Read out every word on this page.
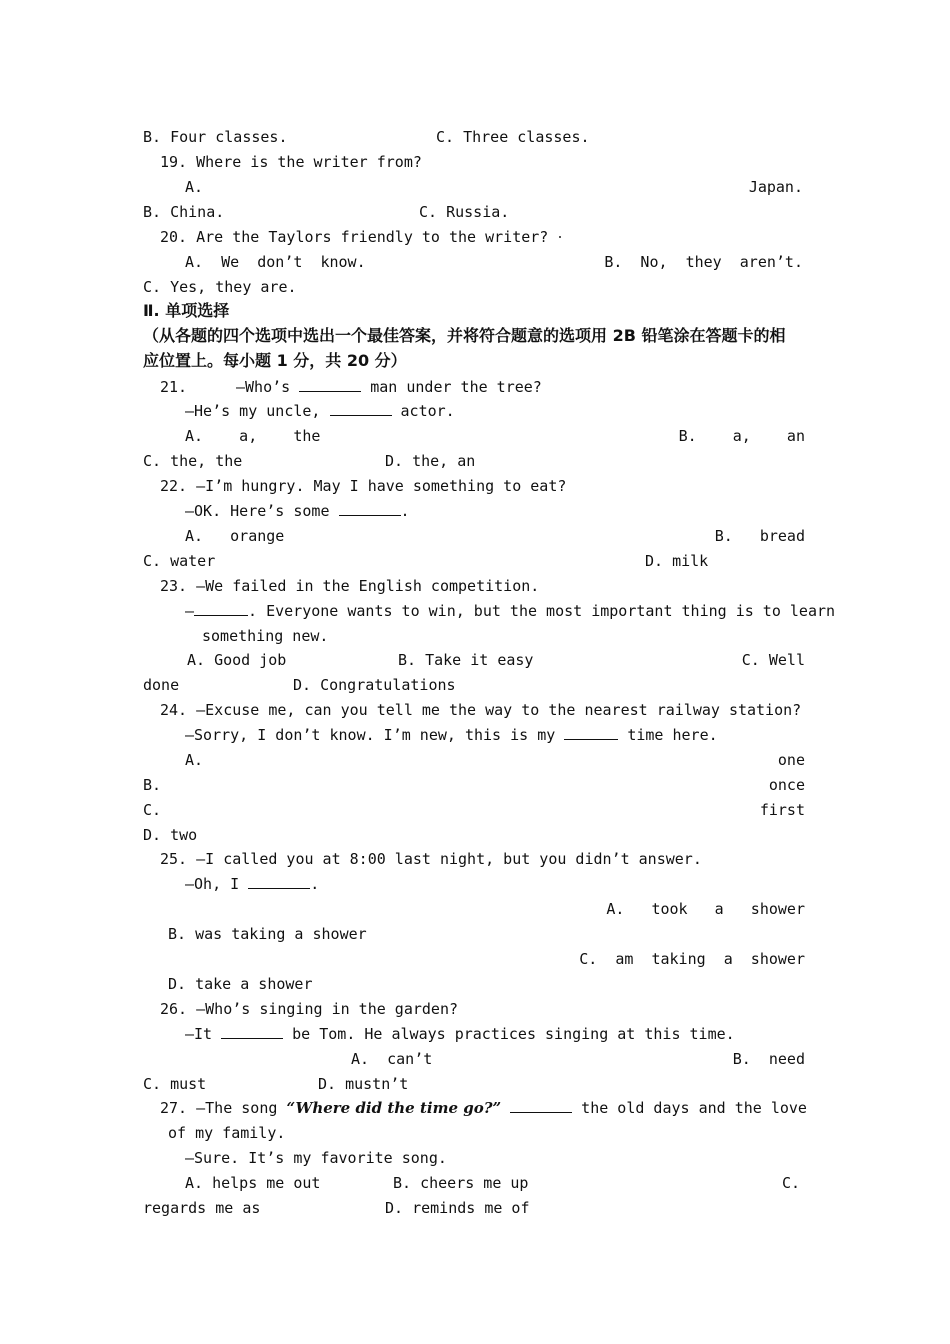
B. Four classes.	C. Three classes.
19. Where is the writer from?
A.	Japan.
B. China.	C. Russia.
20. Are the Taylors friendly to the writer?
A.  We  don’t  know.	B.  No,  they  aren’t.
C. Yes, they are.
Ⅱ. 单项选择
（从各题的四个选项中选出一个最佳答案，并将符合题意的选项用 2B 铅笔涂在答题卡的相
应位置上。每小题 1 分，共 20 分）
21.	—Who’s	man under the tree?
—He’s my uncle,	actor.
A.    a,    the	B.    a,    an
C. the, the	D. the, an
22. —I’m hungry. May I have something to eat?
—OK. Here’s some	.
A.   orange	B.   bread
C. water	D. milk
23. —We failed in the English competition.
—	. Everyone wants to win, but the most important thing is to learn
something new.
A. Good job	B. Take it easy	C. Well
done	D. Congratulations
24. —Excuse me, can you tell me the way to the nearest railway station?
—Sorry, I don’t know. I’m new, this is my	time here.
A.	one
B.	once
C.	first
D. two
25. —I called you at 8:00 last night, but you didn’t answer.
—Oh, I	.
A.   took   a   shower
B. was taking a shower
C.  am  taking  a  shower
D. take a shower
26. —Who’s singing in the garden?
—It	be Tom. He always practices singing at this time.
A.  can’t	B.  need
C. must	D. mustn’t
27. —The song “Where did the time go?”	the old days and the love
of my family.
—Sure. It’s my favorite song.
A. helps me out	B. cheers me up	C.
regards me as	D. reminds me of
